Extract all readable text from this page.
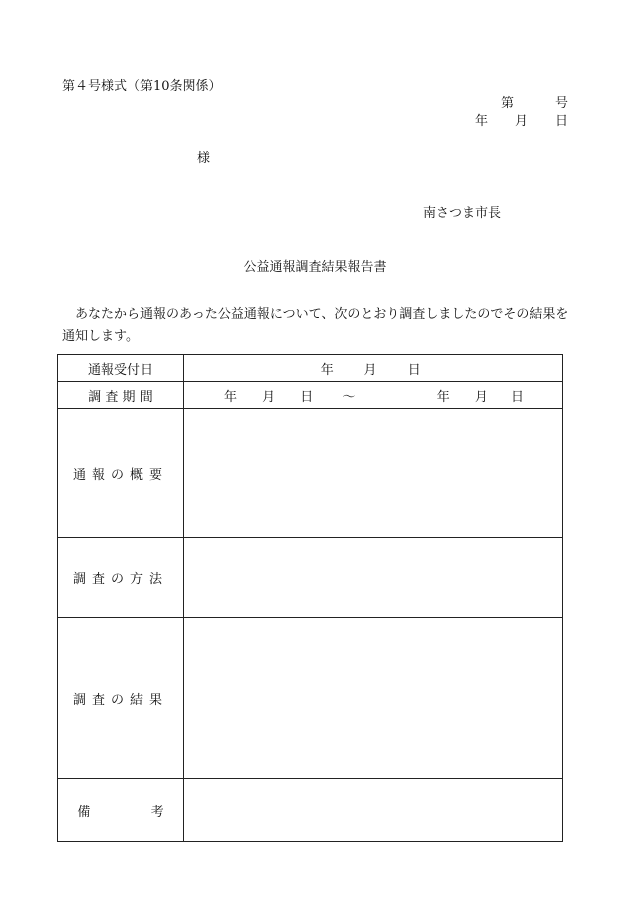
第４号様式（第10条関係）
第	号
年 月 日
様
南さつま市長
公益通報調査結果報告書
あなたから通報のあった公益通報について、次のとおり調査しましたのでその結果を通知します。
通報受付日	年 月 日
調 査 期 間	年 月 日 ～ 年 月 日
通報の概要	
調査の方法	
調査の結果	
備 考	
